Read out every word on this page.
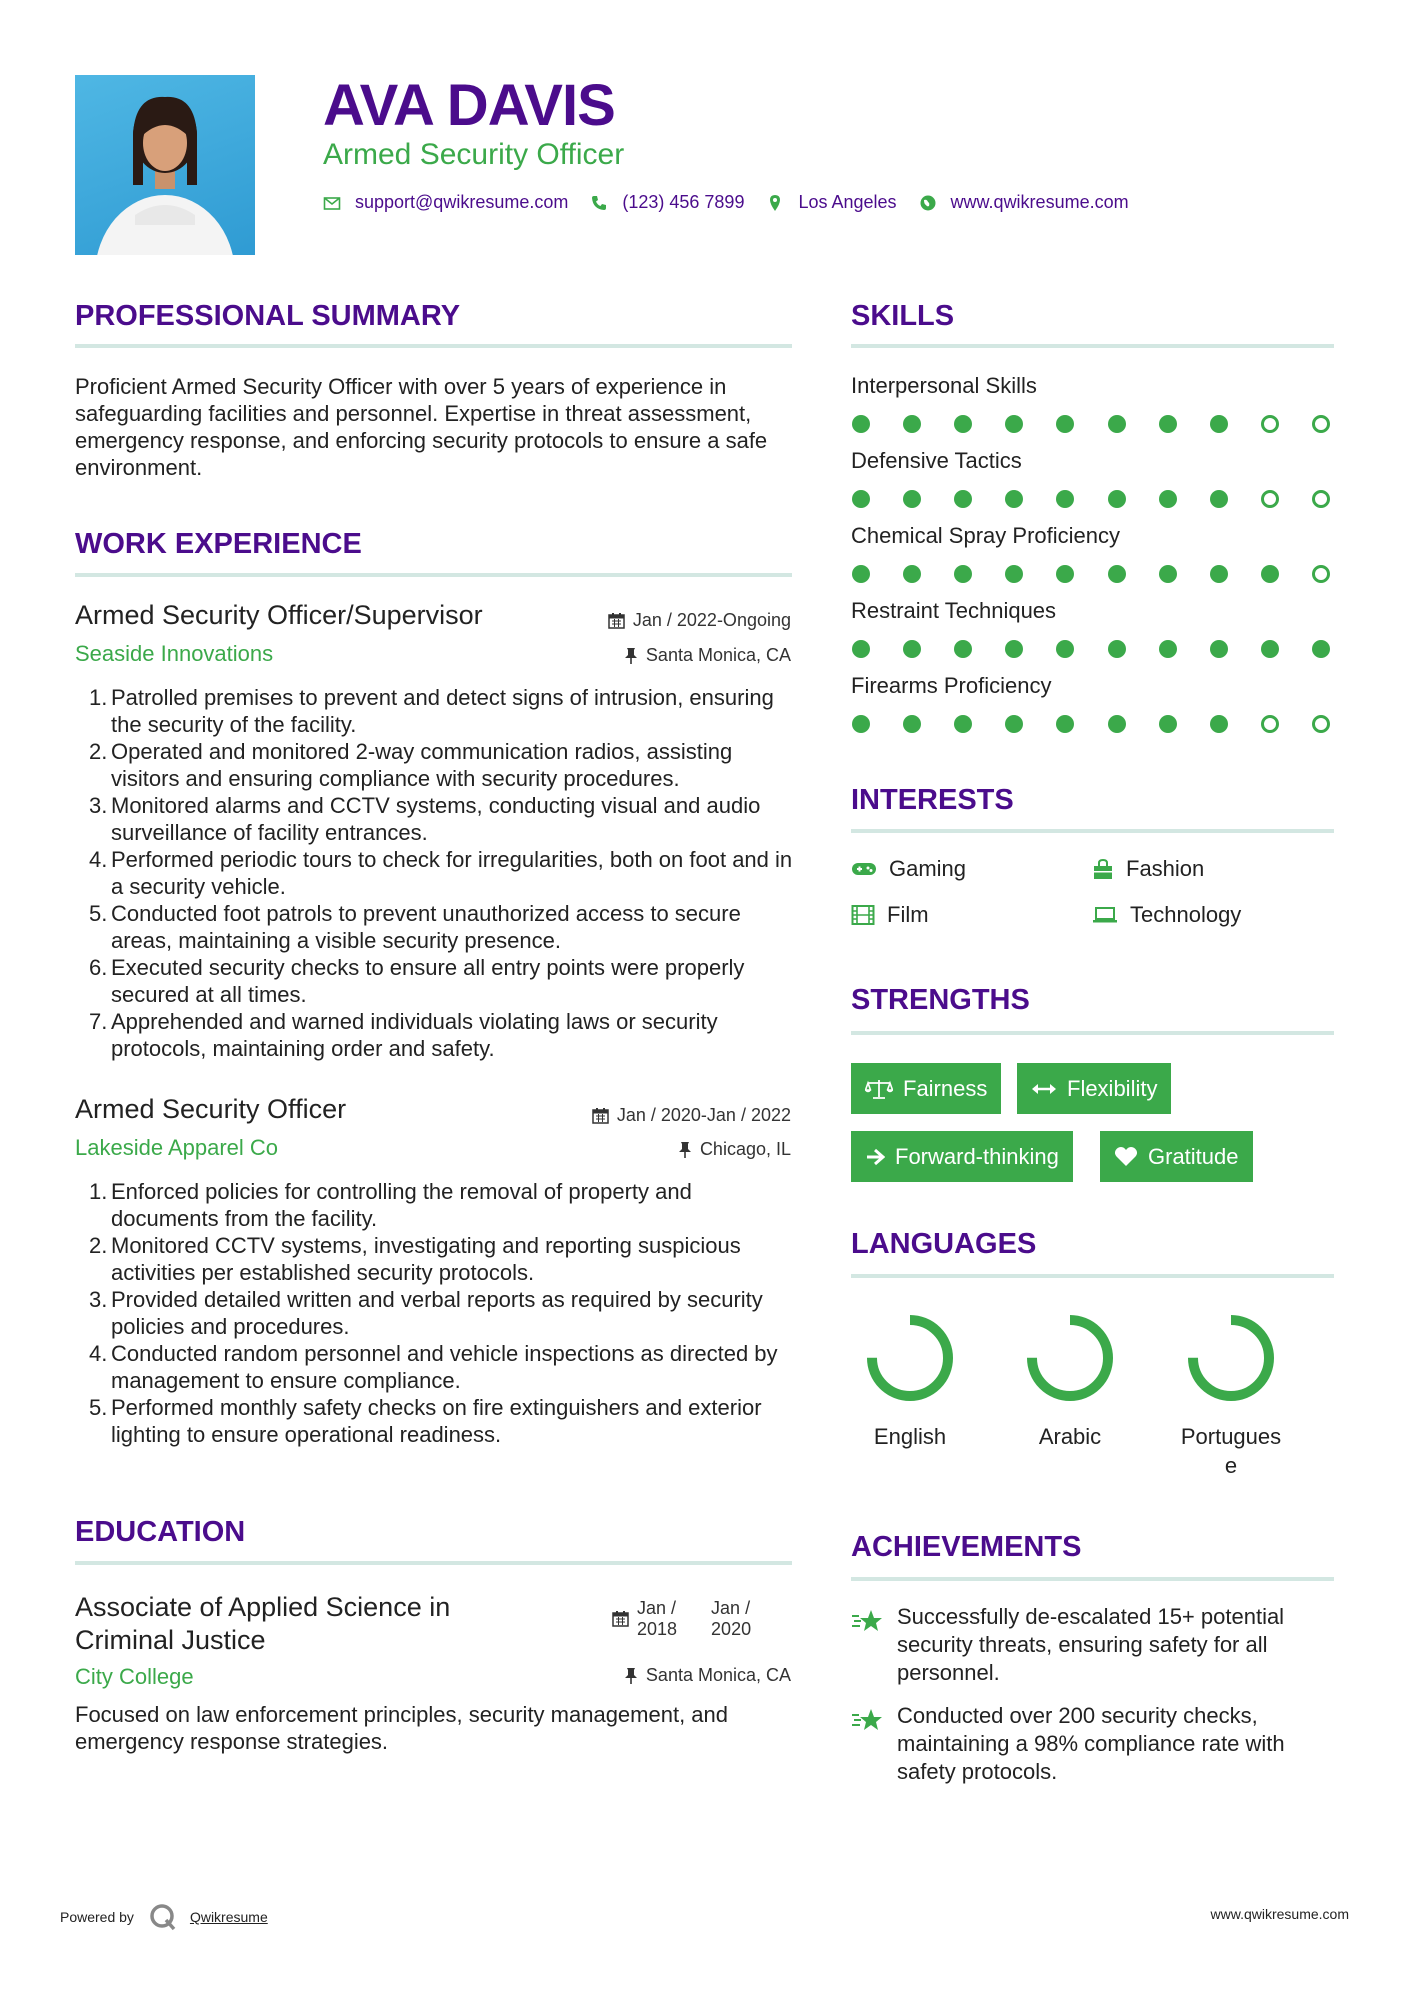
AVA DAVIS
Armed Security Officer
support@qwikresume.com	(123) 456 7899	Los Angeles	www.qwikresume.com
PROFESSIONAL SUMMARY
Proficient Armed Security Officer with over 5 years of experience in safeguarding facilities and personnel. Expertise in threat assessment, emergency response, and enforcing security protocols to ensure a safe environment.
WORK EXPERIENCE
Armed Security Officer/Supervisor	Jan / 2022-Ongoing
Seaside Innovations	Santa Monica, CA
Patrolled premises to prevent and detect signs of intrusion, ensuring the security of the facility.
Operated and monitored 2-way communication radios, assisting visitors and ensuring compliance with security procedures.
Monitored alarms and CCTV systems, conducting visual and audio surveillance of facility entrances.
Performed periodic tours to check for irregularities, both on foot and in a security vehicle.
Conducted foot patrols to prevent unauthorized access to secure areas, maintaining a visible security presence.
Executed security checks to ensure all entry points were properly secured at all times.
Apprehended and warned individuals violating laws or security protocols, maintaining order and safety.
Armed Security Officer	Jan / 2020-Jan / 2022
Lakeside Apparel Co	Chicago, IL
Enforced policies for controlling the removal of property and documents from the facility.
Monitored CCTV systems, investigating and reporting suspicious activities per established security protocols.
Provided detailed written and verbal reports as required by security policies and procedures.
Conducted random personnel and vehicle inspections as directed by management to ensure compliance.
Performed monthly safety checks on fire extinguishers and exterior lighting to ensure operational readiness.
EDUCATION
Associate of Applied Science in
Criminal Justice
Jan /
2018
Jan /
2020
City College	Santa Monica, CA
Focused on law enforcement principles, security management, and emergency response strategies.
SKILLS
Interpersonal Skills
Defensive Tactics
Chemical Spray Proficiency
Restraint Techniques
Firearms Proficiency
INTERESTS
Gaming	Fashion
Film	Technology
STRENGTHS
Fairness	Flexibility
Forward-thinking	Gratitude
LANGUAGES
English	Arabic	Portugues
e
ACHIEVEMENTS
Successfully de-escalated 15+ potential security threats, ensuring safety for all personnel.
Conducted over 200 security checks, maintaining a 98% compliance rate with safety protocols.
Powered by	Qwikresume	www.qwikresume.com
